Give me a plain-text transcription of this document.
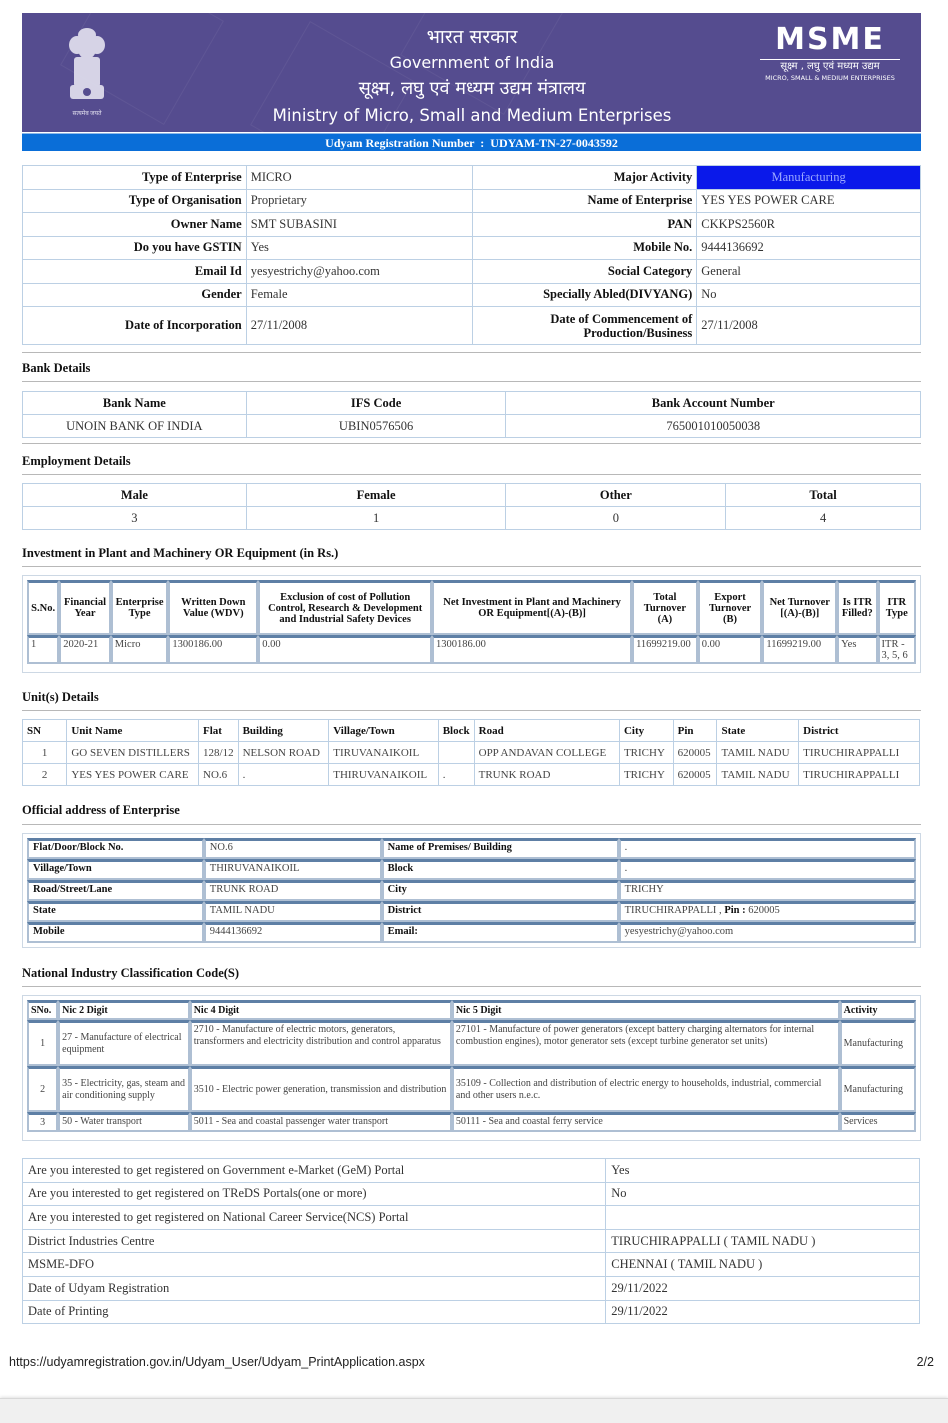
सत्यमेव जयते
भारत सरकार
Government of India
सूक्ष्म, लघु एवं मध्यम उद्यम मंत्रालय
Ministry of Micro, Small and Medium Enterprises
MSME
सूक्ष्म , लघु एवं मध्यम उद्यम
MICRO, SMALL & MEDIUM ENTERPRISES
Udyam Registration Number : UDYAM-TN-27-0043592
Type of Enterprise	MICRO	Major Activity	Manufacturing
Type of Organisation	Proprietary	Name of Enterprise	YES YES POWER CARE
Owner Name	SMT SUBASINI	PAN	CKKPS2560R
Do you have GSTIN	Yes	Mobile No.	9444136692
Email Id	yesyestrichy@yahoo.com	Social Category	General
Gender	Female	Specially Abled(DIVYANG)	No
Date of Incorporation	27/11/2008	Date of Commencement of Production/Business	27/11/2008
Bank Details
Bank Name	IFS Code	Bank Account Number
UNOIN BANK OF INDIA	UBIN0576506	765001010050038
Employment Details
Male	Female	Other	Total
3	1	0	4
Investment in Plant and Machinery OR Equipment (in Rs.)
S.No.	Financial Year	Enterprise Type	Written Down Value (WDV)	Exclusion of cost of Pollution Control, Research & Development and Industrial Safety Devices	Net Investment in Plant and Machinery OR Equipment[(A)-(B)]	Total Turnover (A)	Export Turnover (B)	Net Turnover [(A)-(B)]	Is ITR Filled?	ITR Type
1	2020-21	Micro	1300186.00	0.00	1300186.00	11699219.00	0.00	11699219.00	Yes	ITR - 3, 5, 6
Unit(s) Details
SN	Unit Name	Flat	Building	Village/Town	Block	Road	City	Pin	State	District
1	GO SEVEN DISTILLERS	128/12	NELSON ROAD	TIRUVANAIKOIL		OPP ANDAVAN COLLEGE	TRICHY	620005	TAMIL NADU	TIRUCHIRAPPALLI
2	YES YES POWER CARE	NO.6	.	THIRUVANAIKOIL	.	TRUNK ROAD	TRICHY	620005	TAMIL NADU	TIRUCHIRAPPALLI
Official address of Enterprise
Flat/Door/Block No.	NO.6	Name of Premises/ Building	.
Village/Town	THIRUVANAIKOIL	Block	.
Road/Street/Lane	TRUNK ROAD	City	TRICHY
State	TAMIL NADU	District	TIRUCHIRAPPALLI , Pin : 620005
Mobile	9444136692	Email:	yesyestrichy@yahoo.com
National Industry Classification Code(S)
SNo.	Nic 2 Digit	Nic 4 Digit	Nic 5 Digit	Activity
1	27 - Manufacture of electrical equipment	2710 - Manufacture of electric motors, generators, transformers and electricity distribution and control apparatus	27101 - Manufacture of power generators (except battery charging alternators for internal combustion engines), motor generator sets (except turbine generator set units)	Manufacturing
2	35 - Electricity, gas, steam and air conditioning supply	3510 - Electric power generation, transmission and distribution	35109 - Collection and distribution of electric energy to households, industrial, commercial and other users n.e.c.	Manufacturing
3	50 - Water transport	5011 - Sea and coastal passenger water transport	50111 - Sea and coastal ferry service	Services
Are you interested to get registered on Government e-Market (GeM) Portal	Yes
Are you interested to get registered on TReDS Portals(one or more)	No
Are you interested to get registered on National Career Service(NCS) Portal	
District Industries Centre	TIRUCHIRAPPALLI ( TAMIL NADU )
MSME-DFO	CHENNAI ( TAMIL NADU )
Date of Udyam Registration	29/11/2022
Date of Printing	29/11/2022
https://udyamregistration.gov.in/Udyam_User/Udyam_PrintApplication.aspx	2/2
